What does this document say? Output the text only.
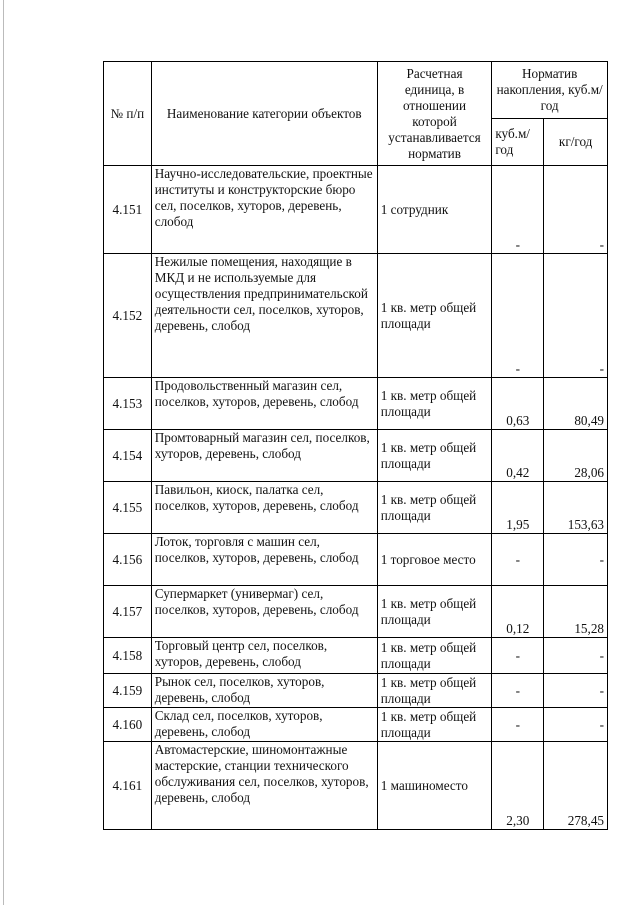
№ п/п	Наименование категории объектов	Расчетная единица, в отношении которой устанавливается норматив	Норматив накопления, куб.м/ год	
			куб.м/ год	кг/год
4.151	Научно-исследовательские, проектные институты и конструкторские бюро сел, поселков, хуторов, деревень, слобод	1 сотрудник	-	-
4.152	Нежилые помещения, находящие в МКД и не используемые для осуществления предпринимательской деятельности сел, поселков, хуторов, деревень, слобод	1 кв. метр общей площади	-	-
4.153	Продовольственный магазин сел, поселков, хуторов, деревень, слобод	1 кв. метр общей площади	0,63	80,49
4.154	Промтоварный магазин сел, поселков, хуторов, деревень, слобод	1 кв. метр общей площади	0,42	28,06
4.155	Павильон, киоск, палатка сел, поселков, хуторов, деревень, слобод	1 кв. метр общей площади	1,95	153,63
4.156	Лоток, торговля с машин сел, поселков, хуторов, деревень, слобод	1 торговое место	-	-
4.157	Супермаркет (универмаг) сел, поселков, хуторов, деревень, слобод	1 кв. метр общей площади	0,12	15,28
4.158	Торговый центр сел, поселков, хуторов, деревень, слобод	1 кв. метр общей площади	-	-
4.159	Рынок сел, поселков, хуторов, деревень, слобод	1 кв. метр общей площади	-	-
4.160	Склад сел, поселков, хуторов, деревень, слобод	1 кв. метр общей площади	-	-
4.161	Автомастерские, шиномонтажные мастерские, станции технического обслуживания сел, поселков, хуторов, деревень, слобод	1 машиноместо	2,30	278,45
